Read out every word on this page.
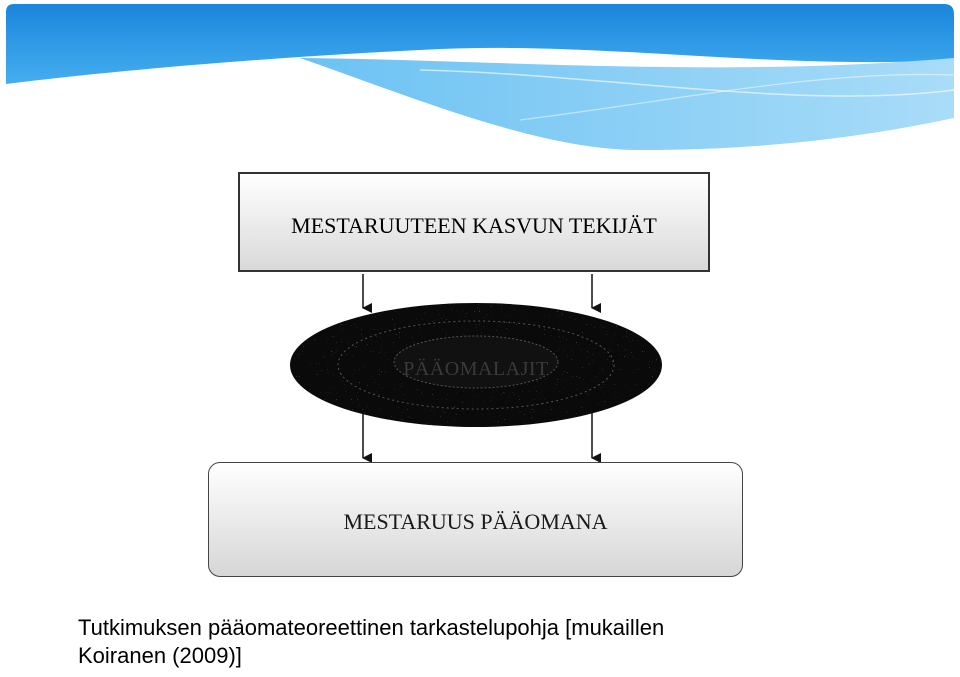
MESTARUUTEEN KASVUN TEKIJÄT
PÄÄOMALAJIT
MESTARUUS PÄÄOMANA
Tutkimuksen pääomateoreettinen tarkastelupohja [mukaillen
Koiranen (2009)]
